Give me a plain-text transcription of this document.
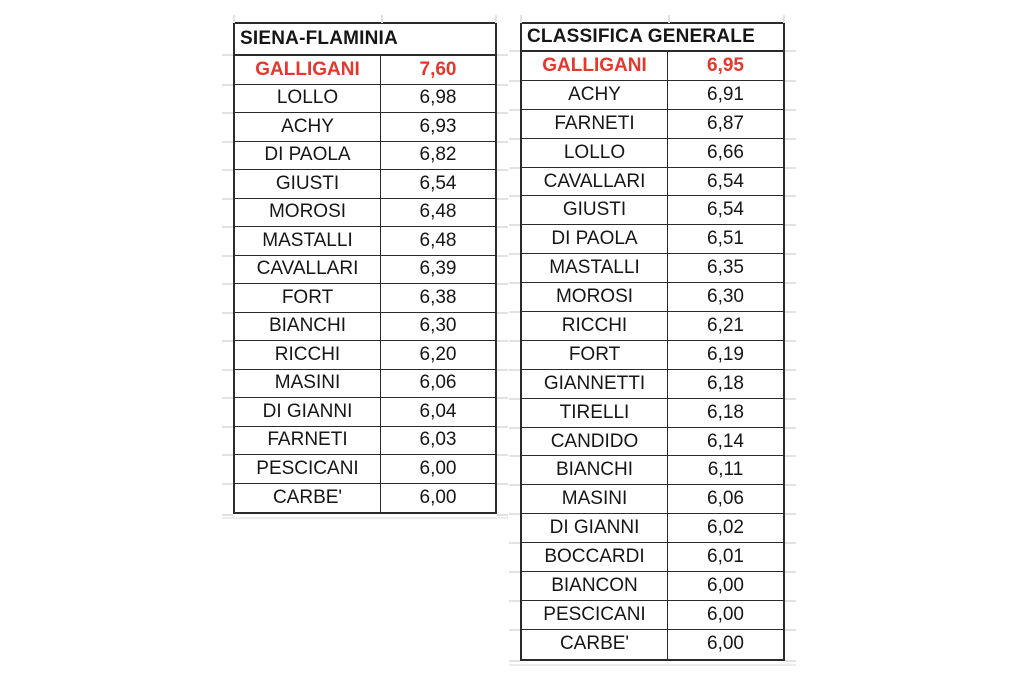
SIENA-FLAMINIA
GALLIGANI	7,60
LOLLO	6,98
ACHY	6,93
DI PAOLA	6,82
GIUSTI	6,54
MOROSI	6,48
MASTALLI	6,48
CAVALLARI	6,39
FORT	6,38
BIANCHI	6,30
RICCHI	6,20
MASINI	6,06
DI GIANNI	6,04
FARNETI	6,03
PESCICANI	6,00
CARBE'	6,00
CLASSIFICA GENERALE
GALLIGANI	6,95
ACHY	6,91
FARNETI	6,87
LOLLO	6,66
CAVALLARI	6,54
GIUSTI	6,54
DI PAOLA	6,51
MASTALLI	6,35
MOROSI	6,30
RICCHI	6,21
FORT	6,19
GIANNETTI	6,18
TIRELLI	6,18
CANDIDO	6,14
BIANCHI	6,11
MASINI	6,06
DI GIANNI	6,02
BOCCARDI	6,01
BIANCON	6,00
PESCICANI	6,00
CARBE'	6,00
